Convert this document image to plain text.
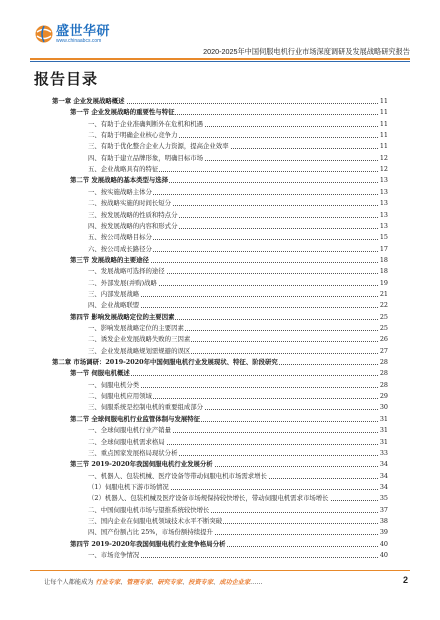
盛世华研
www.chinaabcs.com
2020-2025年中国伺服电机行业市场深度调研及发展战略研究报告
报告目录
第一章 企业发展战略概述	11
第一节 企业发展战略的重要性与特征	11
一、有助于企业准确判断外在危机和机遇	11
二、有助于明确企业核心竞争力	11
三、有助于优化整合企业人力资源，提高企业效率	11
四、有助于建立品牌形象，明确目标市场	12
五、企业战略具有的特征	12
第二节 发展战略的基本类型与选择	13
一、按实施战略主体分	13
二、按战略实施的时间长短分	13
三、按发展战略的性质和特点分	13
四、按发展战略的内容和形式分	13
五、按公司战略目标分	15
六、按公司成长路径分	17
第三节 发展战略的主要途径	18
一、发展战略可选择的途径	18
二、外部发展(并购)战略	19
三、内部发展战略	21
四、企业战略联盟	22
第四节 影响发展战略定位的主要因素	25
一、影响发展战略定位的主要因素	25
二、诱发企业发展战略失败的三因素	26
三、企业发展战略规划需规避的误区	27
第二章 市场调研：2019-2020年中国伺服电机行业发展现状、特征、阶段研究	28
第一节 伺服电机概述	28
一、伺服电机分类	28
二、伺服电机应用领域	29
三、伺服系统是控制电机的重要组成部分	30
第二节 全球伺服电机行业监管体制与发展特征	31
一、全球伺服电机行业产销量	31
二、全球伺服电机需求格局	31
三、重点国家发展格局现状分析	33
第三节 2019-2020年我国伺服电机行业发展分析	34
一、机器人、包装机械、医疗设备等带动伺服电机市场需求增长	34
（1）伺服电机下游市场情况	34
（2）机器人、包装机械及医疗设备市场规保持较快增长，带动伺服电机需求市场增长	35
二、中国伺服电机市场与望推系统较快增长	37
三、国内企业在伺服电机领域技术水平不断突破	38
四、国产份额占比 25%，市场份额持续提升	39
第四节 2019-2020年我国伺服电机行业竞争格局分析	40
一、市场竞争情况	40
让每个人都能成为 行业专家、管理专家、研究专家、投资专家、成功企业家……	2
